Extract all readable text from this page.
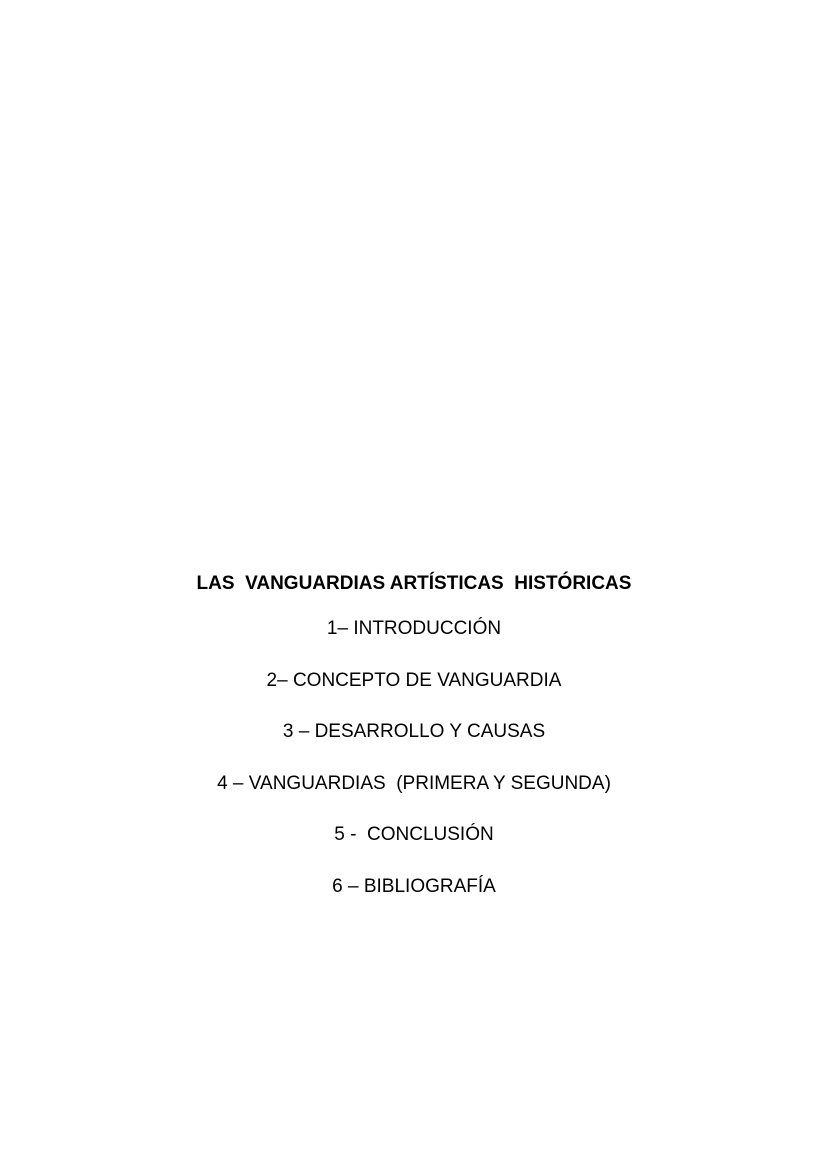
LAS  VANGUARDIAS ARTÍSTICAS  HISTÓRICAS
1– INTRODUCCIÓN
2– CONCEPTO DE VANGUARDIA
3 – DESARROLLO Y CAUSAS
4 – VANGUARDIAS  (PRIMERA Y SEGUNDA)
5 -  CONCLUSIÓN
6 – BIBLIOGRAFÍA
